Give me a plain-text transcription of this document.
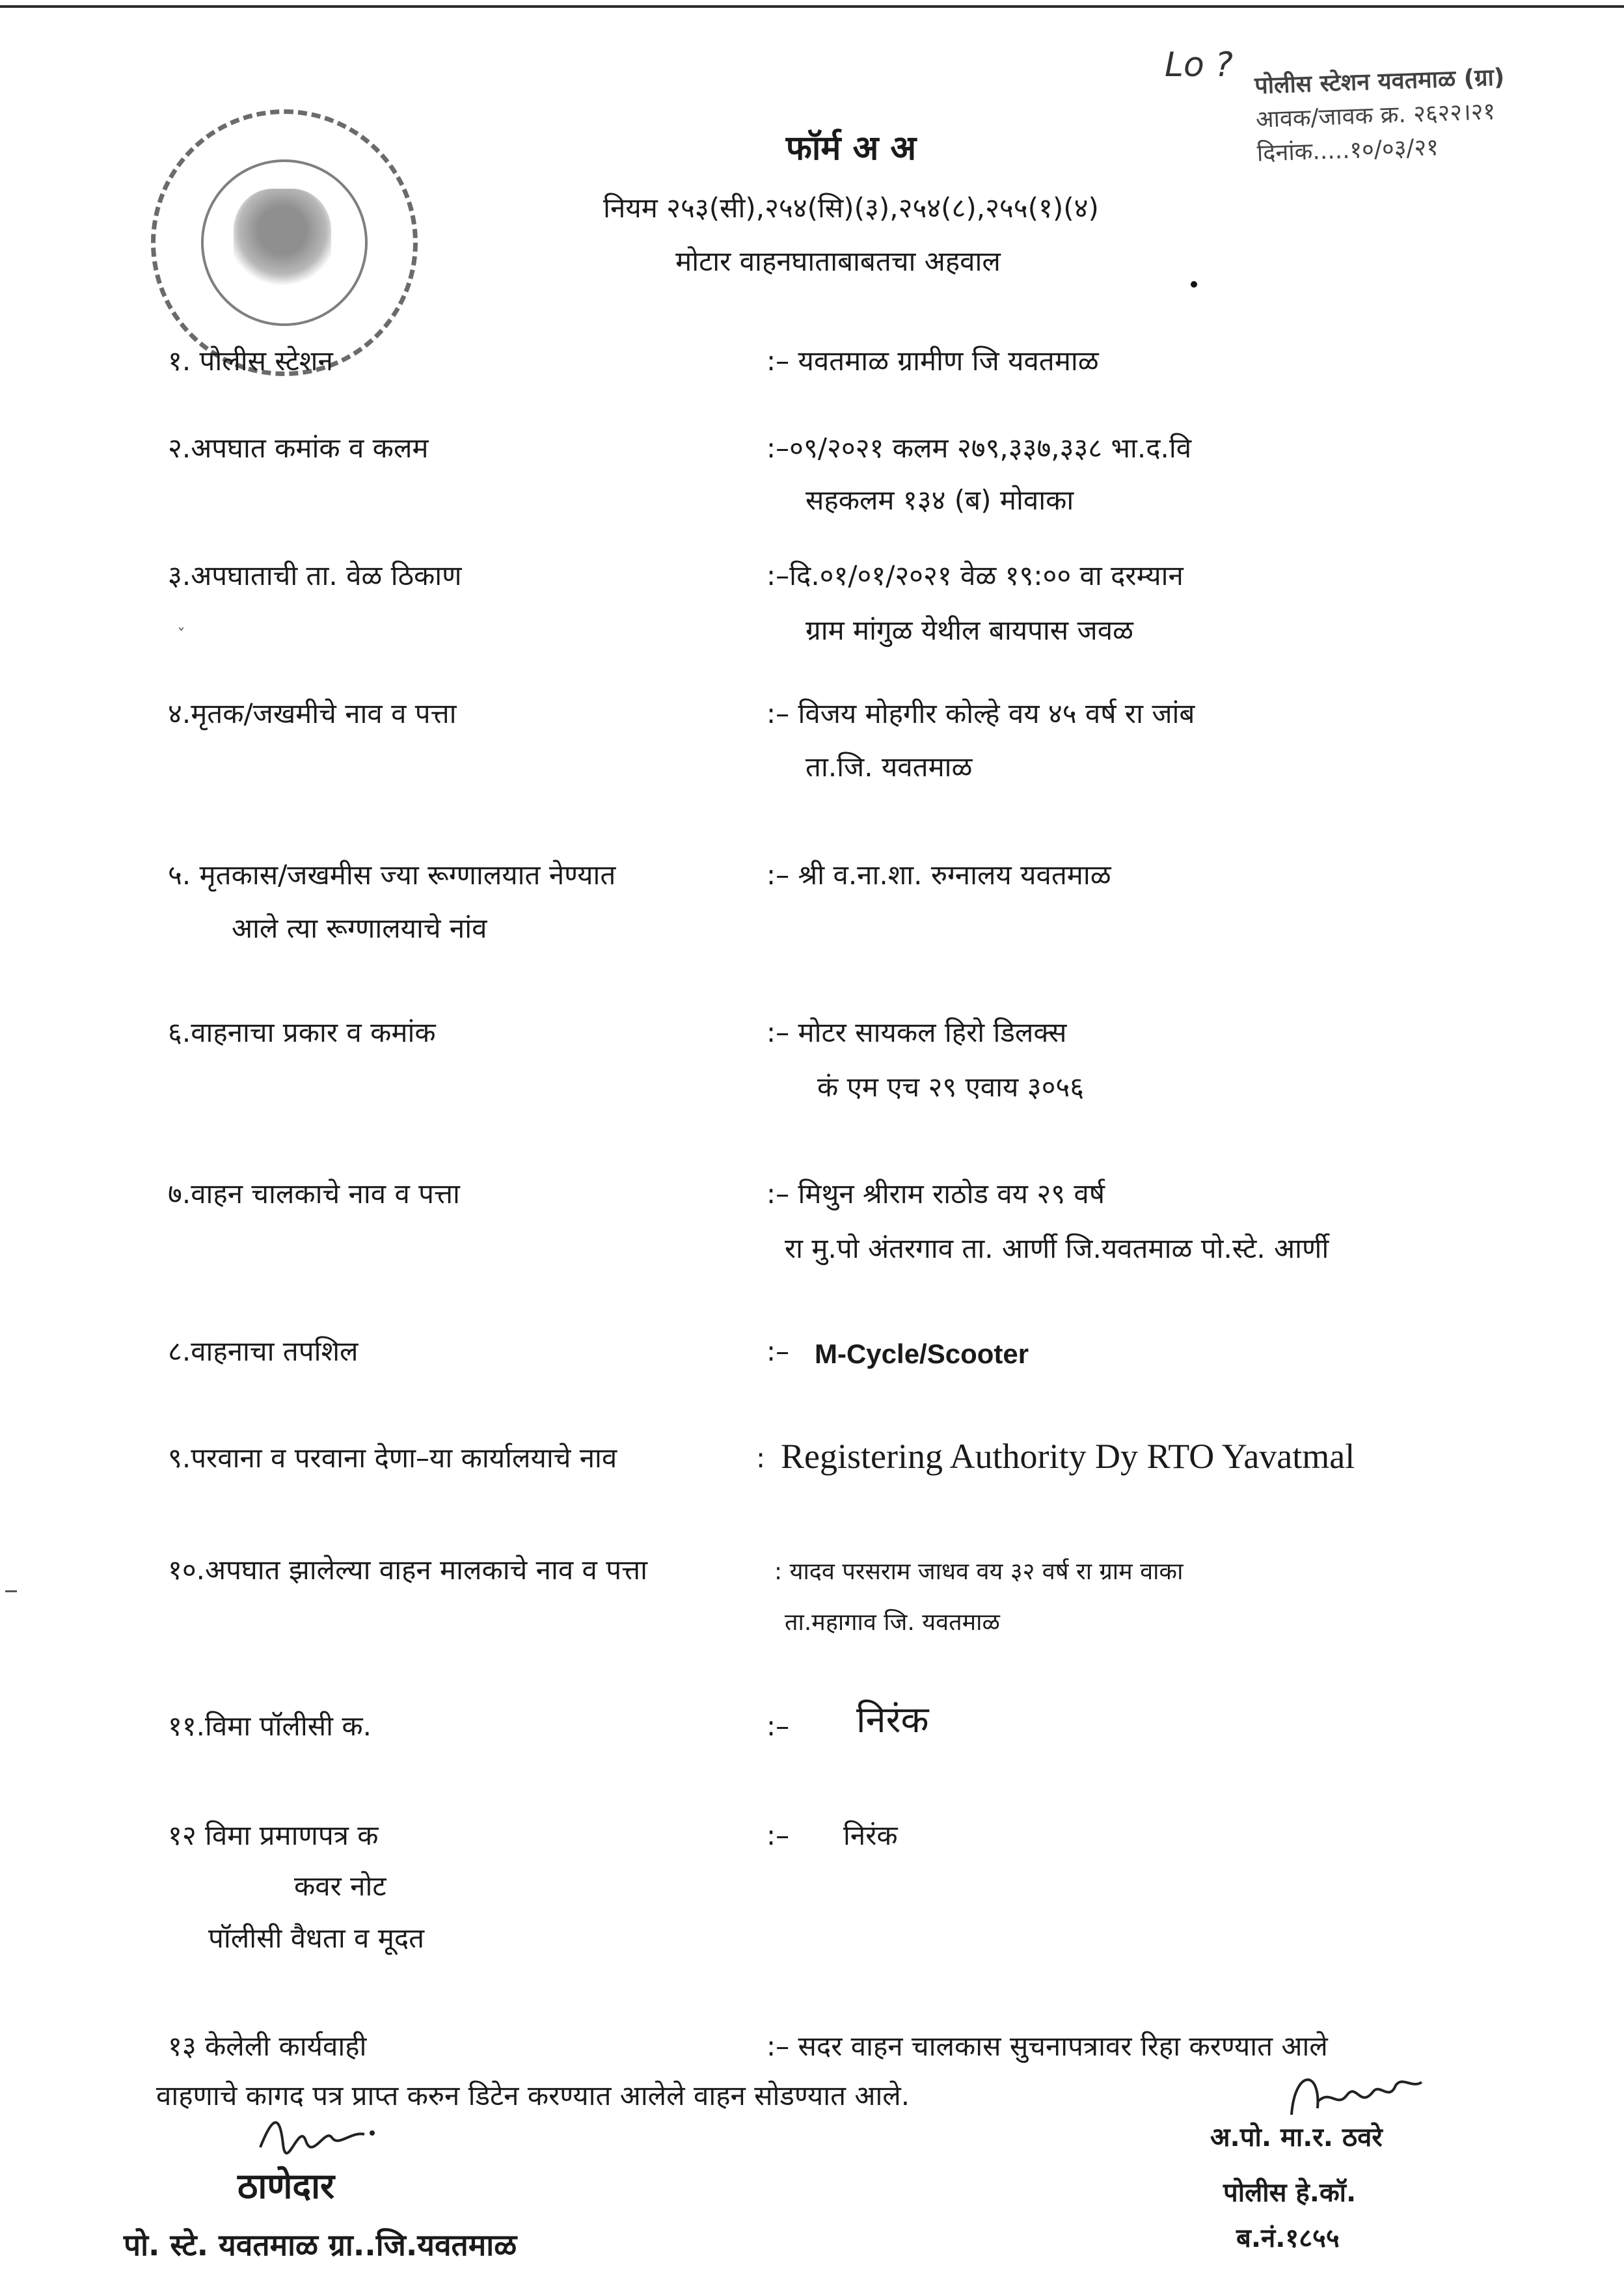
Lo ? पोलीस स्टेशन यवतमाळ (ग्रा)
आवक/जावक क्र. २६२२।२१
दिनांक.....१०/०३/२१
फॉर्म अ अ
नियम २५३(सी),२५४(सि)(३),२५४(८),२५५(१)(४)
मोटार वाहनघाताबाबतचा अहवाल
ˇ
१. पोलीस स्टेशन	:– यवतमाळ ग्रामीण जि यवतमाळ
२.अपघात कमांक व कलम	:–०९/२०२१ कलम २७९,३३७,३३८ भा.द.वि
सहकलम १३४ (ब) मोवाका
३.अपघाताची ता. वेळ ठिकाण	:–दि.०१/०१/२०२१ वेळ १९:०० वा दरम्यान
ग्राम मांगुळ येथील बायपास जवळ
४.मृतक/जखमीचे नाव व पत्ता	:– विजय मोहगीर कोल्हे वय ४५ वर्ष रा जांब
ता.जि. यवतमाळ
५. मृतकास/जखमीस ज्या रूग्णालयात नेण्यात
आले त्या रूग्णालयाचे नांव
:– श्री व.ना.शा. रुग्नालय यवतमाळ
६.वाहनाचा प्रकार व कमांक	:– मोटर सायकल हिरो डिलक्स
कं एम एच २९ एवाय ३०५६
७.वाहन चालकाचे नाव व पत्ता	:– मिथुन श्रीराम राठोड वय २९ वर्ष
रा मु.पो अंतरगाव ता. आर्णी जि.यवतमाळ पो.स्टे. आर्णी
८.वाहनाचा तपशिल	:– M-Cycle/Scooter
९.परवाना व परवाना देणा–या कार्यालयाचे नाव	: Registering Authority Dy RTO Yavatmal
१०.अपघात झालेल्या वाहन मालकाचे नाव व पत्ता	: यादव परसराम जाधव वय ३२ वर्ष रा ग्राम वाका
ता.महागाव जि. यवतमाळ
११.विमा पॉलीसी क.	:– निरंक
१२ विमा प्रमाणपत्र क
कवर नोट
पॉलीसी वैधता व मूदत
:– निरंक
१३ केलेली कार्यवाही	:– सदर वाहन चालकास सुचनापत्रावर रिहा करण्यात आले
वाहणाचे कागद पत्र प्राप्त करुन डिटेन करण्यात आलेले वाहन सोडण्यात आले.
ठाणेदार
पो. स्टे. यवतमाळ ग्रा..जि.यवतमाळ
अ.पो. मा.र. ठवरे
पोलीस हे.कॉ.
ब.नं.१८५५
